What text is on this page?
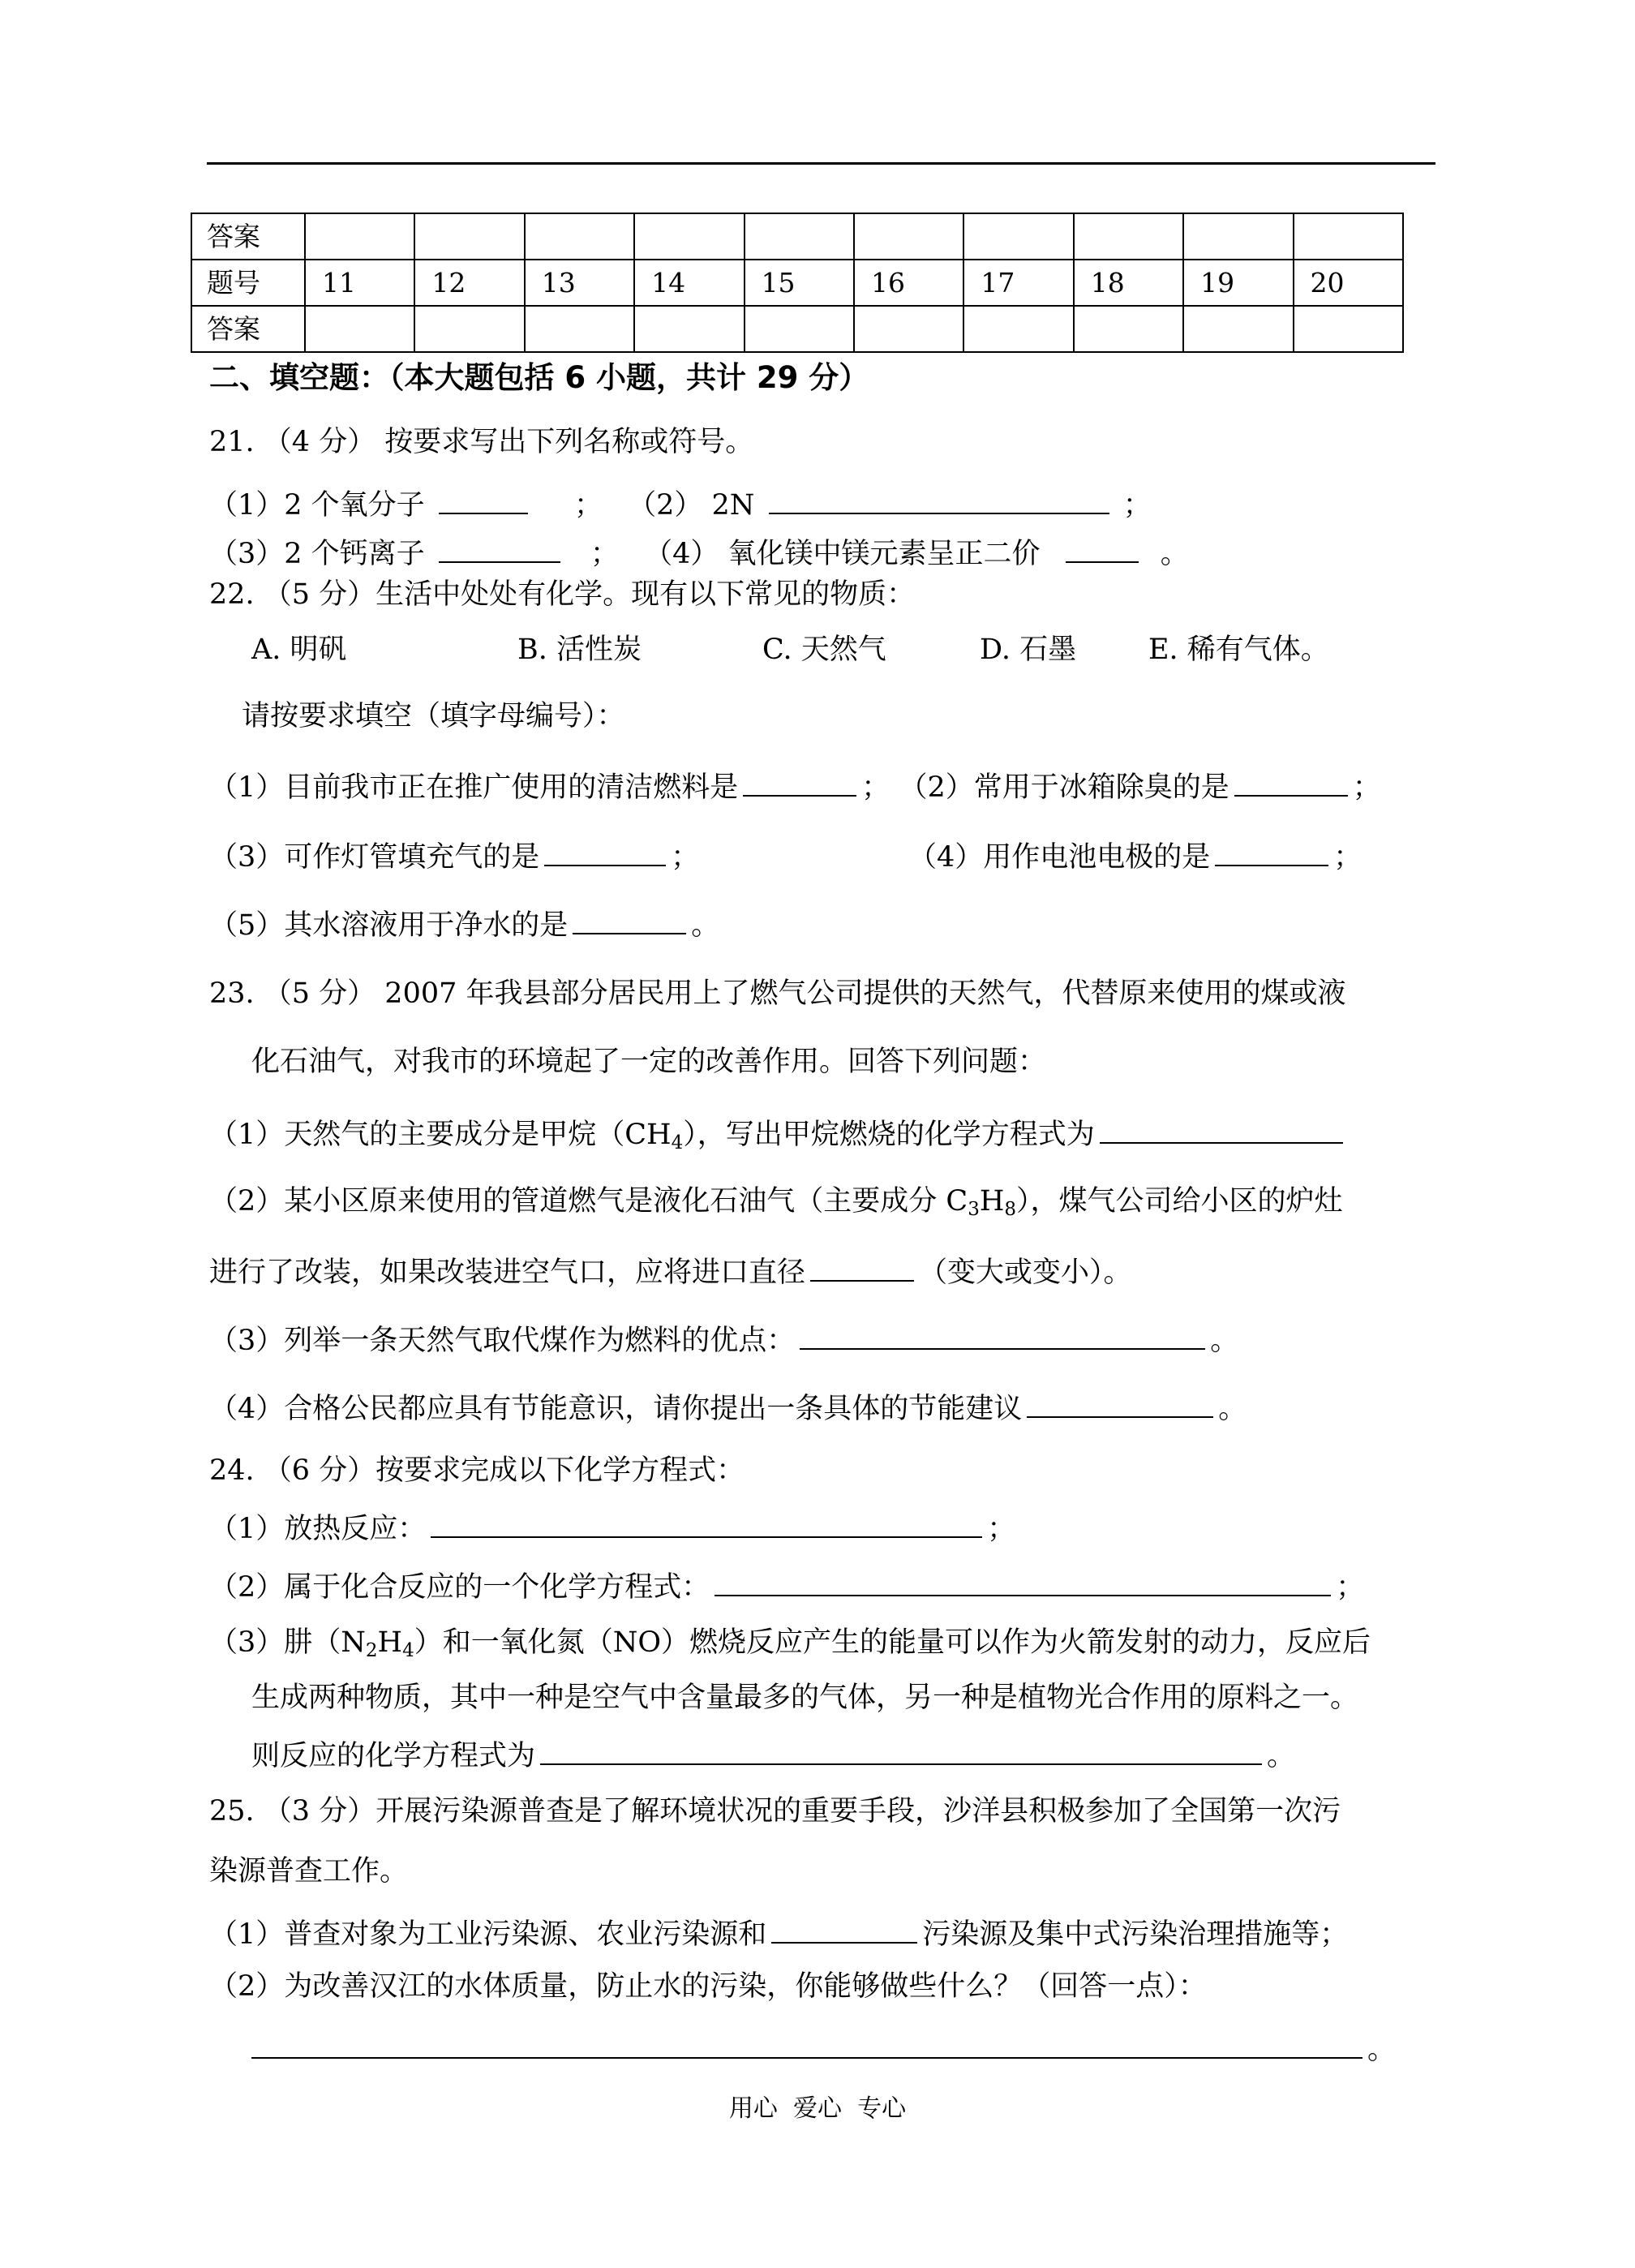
答案										
题号	11	12	13	14	15	16	17	18	19	20
答案										
二、填空题：（本大题包括 6 小题，共计 29 分）
21. （4 分） 按要求写出下列名称或符号。
（1）2 个氧分子	； （2） 2N	；
（3）2 个钙离子	； （4） 氧化镁中镁元素呈正二价	。
22. （5 分）生活中处处有化学。现有以下常见的物质：
A. 明矾	B. 活性炭	C. 天然气	D. 石墨	E. 稀有气体。
请按要求填空（填字母编号）：
（1）目前我市正在推广使用的清洁燃料是	； （2）常用于冰箱除臭的是	；
（3）可作灯管填充气的是	；	（4）用作电池电极的是	；
（5）其水溶液用于净水的是	。
23. （5 分） 2007 年我县部分居民用上了燃气公司提供的天然气，代替原来使用的煤或液
化石油气，对我市的环境起了一定的改善作用。回答下列问题：
（1）天然气的主要成分是甲烷$(CH_4)$，写出甲烷燃烧的化学方程式为
（2）某小区原来使用的管道燃气是液化石油气（主要成分 $C_3H_8$），煤气公司给小区的炉灶
进行了改装，如果改装进空气口，应将进口直径	（变大或变小）。
（3）列举一条天然气取代煤作为燃料的优点：	。
（4）合格公民都应具有节能意识，请你提出一条具体的节能建议	。
24. （6 分）按要求完成以下化学方程式：
（1）放热反应：	；
（2）属于化合反应的一个化学方程式：	；
（3）肼$(N_2H_4)$和一氧化氮（NO）燃烧反应产生的能量可以作为火箭发射的动力，反应后
生成两种物质，其中一种是空气中含量最多的气体，另一种是植物光合作用的原料之一。
则反应的化学方程式为	。
25. （3 分）开展污染源普查是了解环境状况的重要手段，沙洋县积极参加了全国第一次污
染源普查工作。
（1）普查对象为工业污染源、农业污染源和	污染源及集中式污染治理措施等；
（2）为改善汉江的水体质量，防止水的污染，你能够做些什么？（回答一点）：
。
用心  爱心  专心
